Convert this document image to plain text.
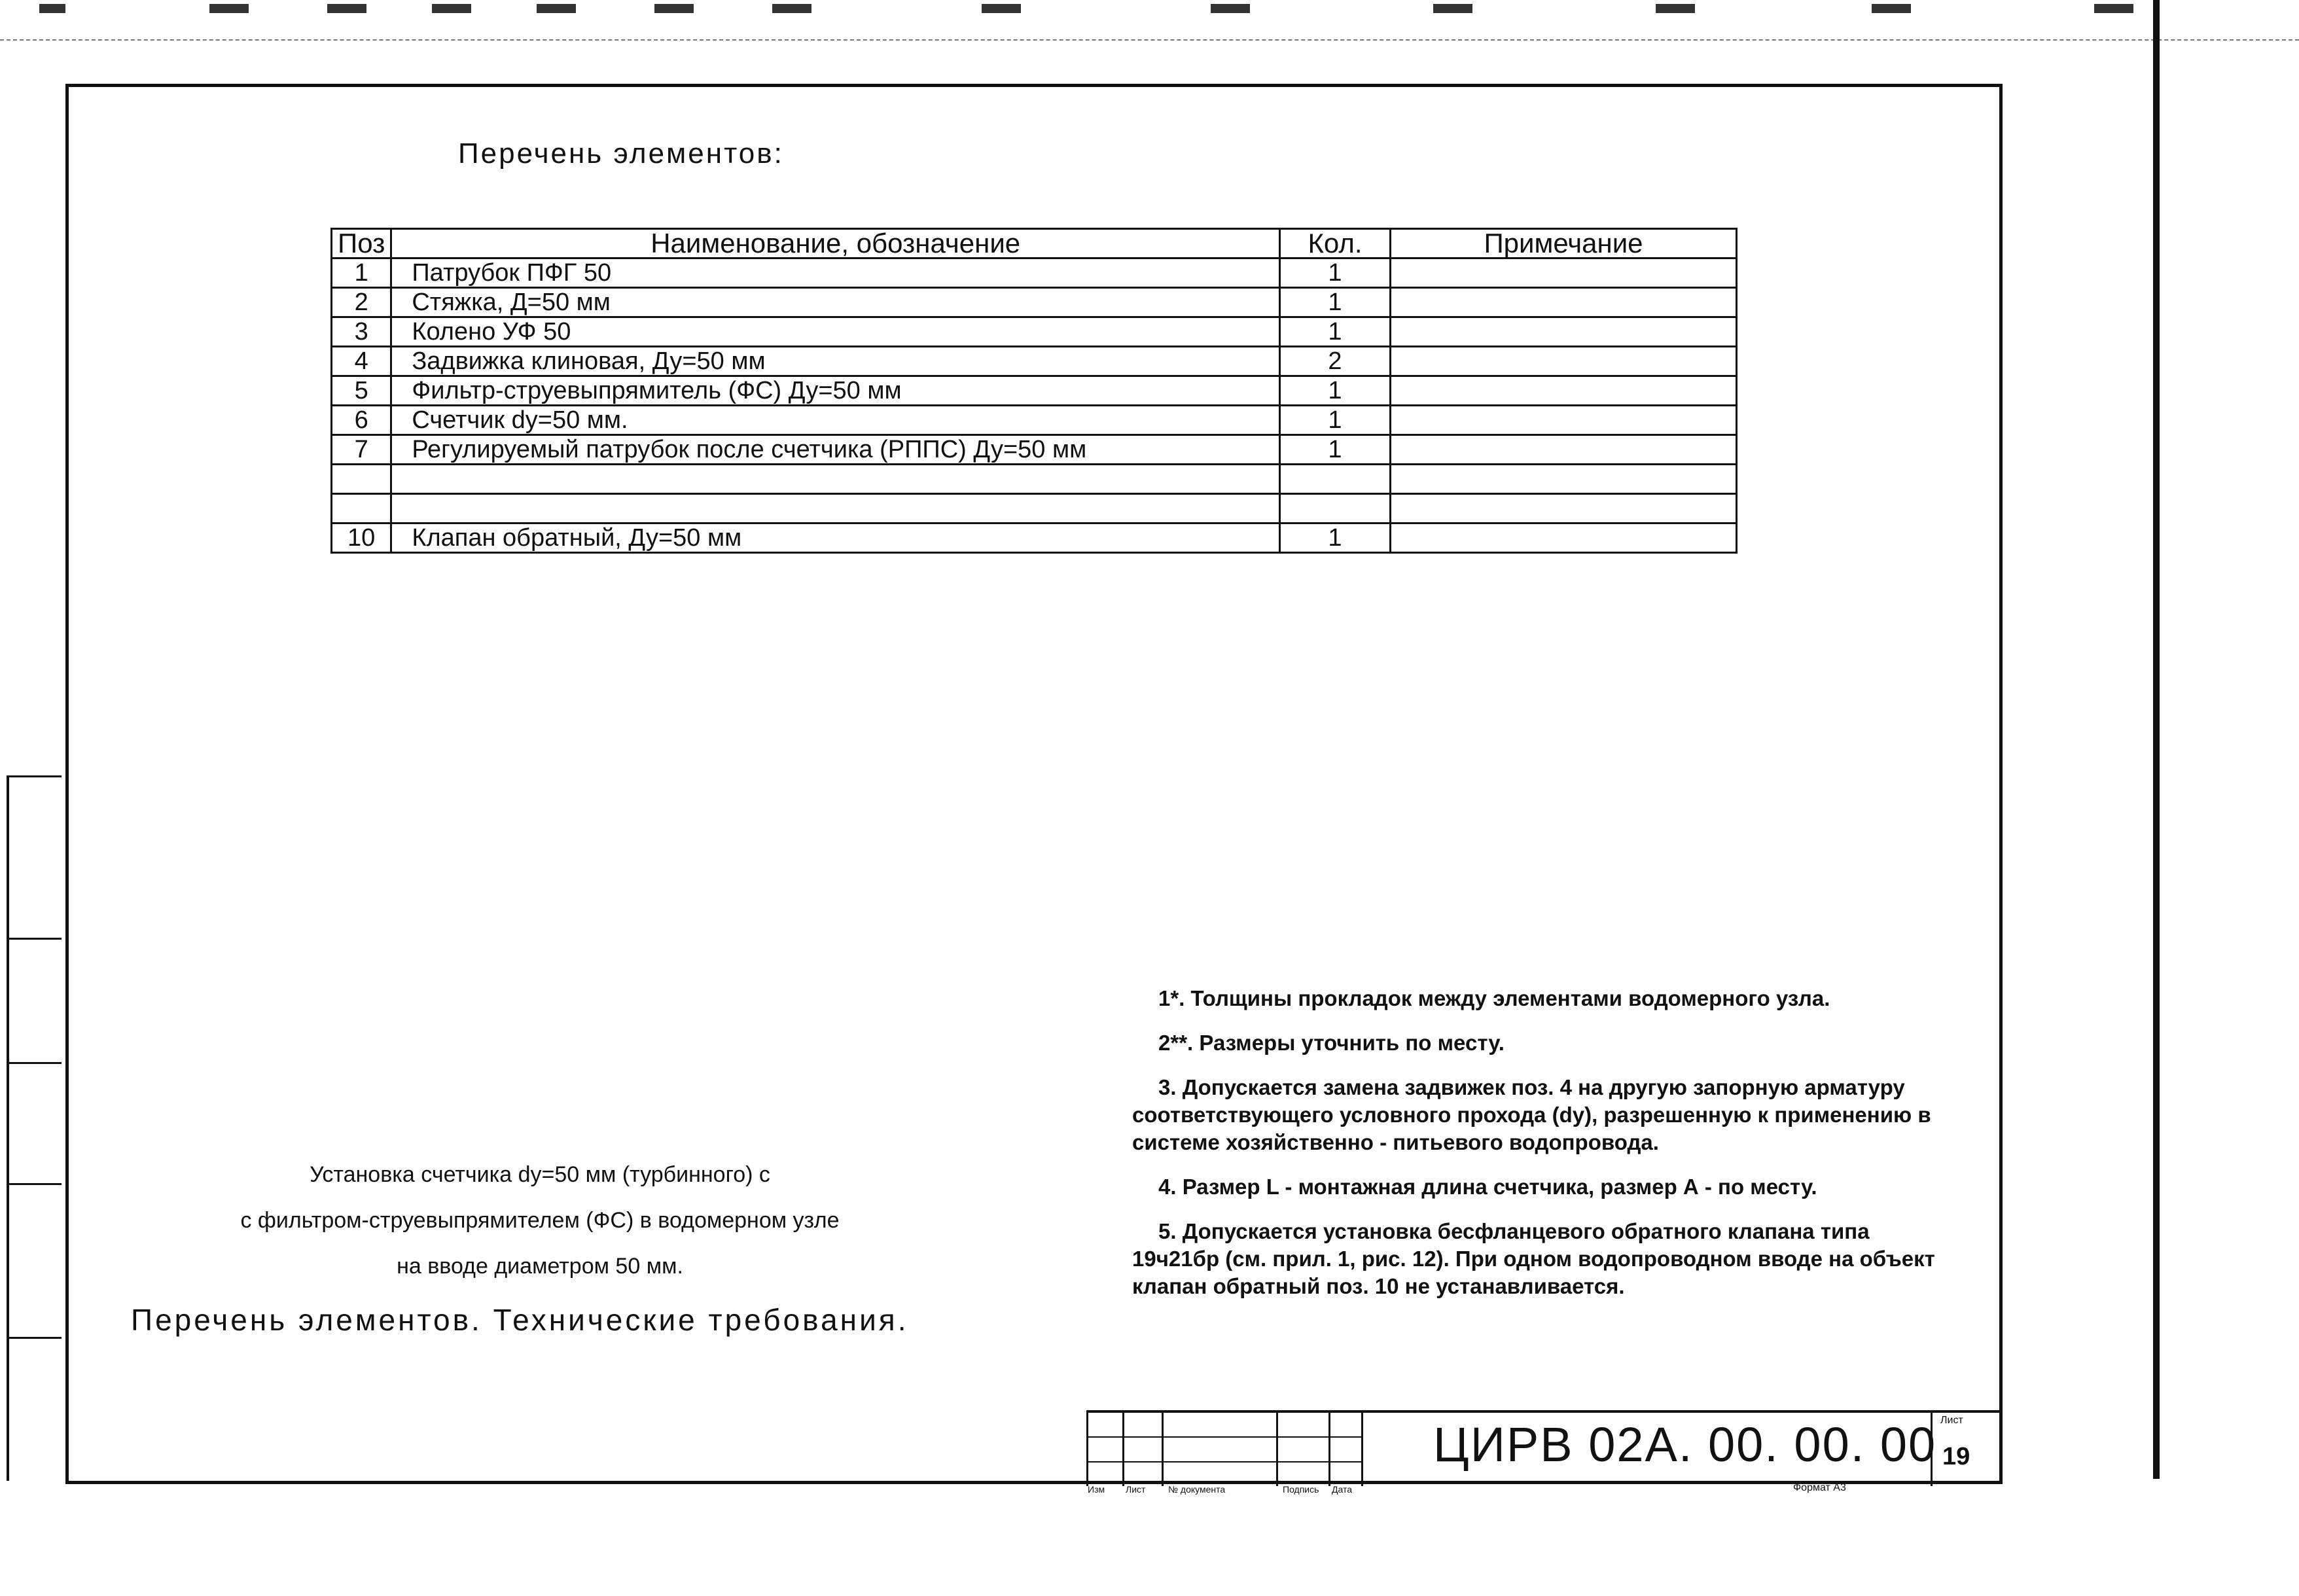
Перечень элементов:
Поз	Наименование, обозначение	Кол.	Примечание
1	Патрубок ПФГ 50	1	
2	Стяжка, Д=50 мм	1	
3	Колено УФ 50	1	
4	Задвижка клиновая, Ду=50 мм	2	
5	Фильтр-струевыпрямитель (ФС) Ду=50 мм	1	
6	Счетчик dy=50 мм.	1	
7	Регулируемый патрубок после счетчика (РППС) Ду=50 мм	1	

10	Клапан обратный, Ду=50 мм	1	
Установка счетчика dy=50 мм (турбинного) с
с фильтром-струевыпрямителем (ФС) в водомерном узле
на вводе диаметром 50 мм.
Перечень элементов. Технические требования.

1*. Толщины прокладок между элементами водомерного узла.

2**. Размеры уточнить по месту.

3. Допускается замена задвижек поз. 4 на другую запорную арматуру соответствующего условного прохода (dy), разрешенную к применению в системе хозяйственно - питьевого водопровода.

4. Размер L - монтажная длина счетчика, размер А - по месту.

5. Допускается установка бесфланцевого обратного клапана типа 19ч21бр (см. прил. 1, рис. 12). При одном водопроводном вводе на объект клапан обратный поз. 10 не устанавливается.

Изм Лист № документа	Подпись Дата
ЦИРВ 02А. 00. 00. 00 Лист
19
Формат А3
